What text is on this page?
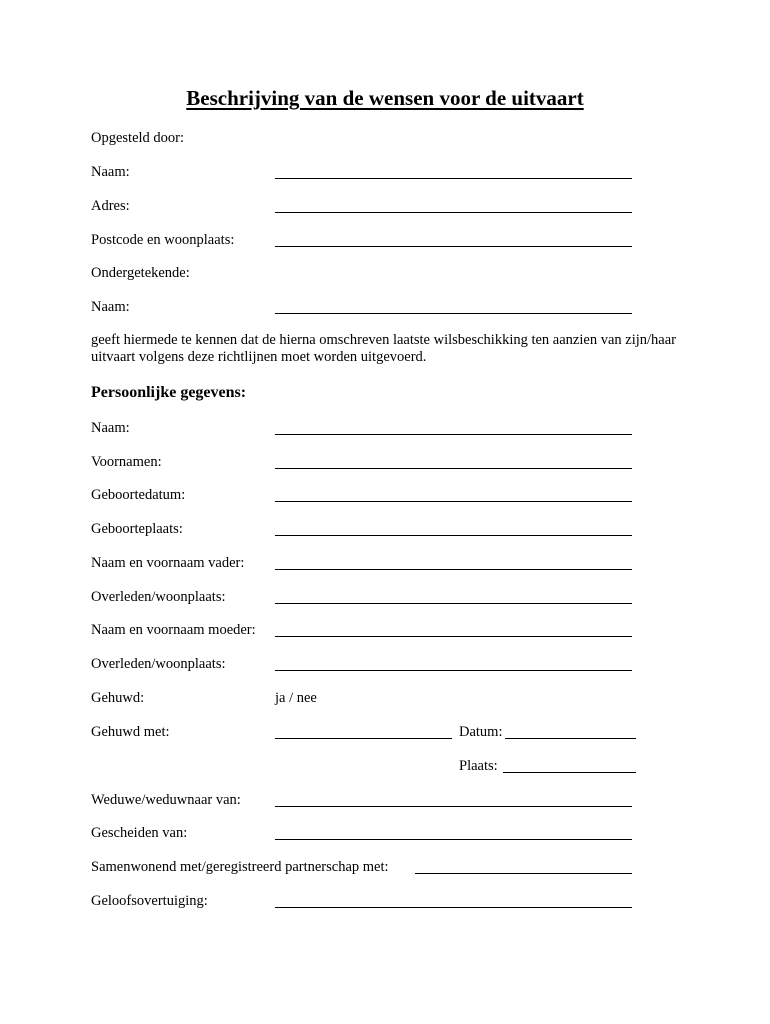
Beschrijving van de wensen voor de uitvaart
Opgesteld door:
Naam:
Adres:
Postcode en woonplaats:
Ondergetekende:
Naam:
geeft hiermede te kennen dat de hierna omschreven laatste wilsbeschikking ten aanzien van zijn/haar uitvaart volgens deze richtlijnen moet worden uitgevoerd.
Persoonlijke gegevens:
Naam:
Voornamen:
Geboortedatum:
Geboorteplaats:
Naam en voornaam vader:
Overleden/woonplaats:
Naam en voornaam moeder:
Overleden/woonplaats:
Gehuwd:	ja / nee
Gehuwd met:	Datum:
Plaats:
Weduwe/weduwnaar van:
Gescheiden van:
Samenwonend met/geregistreerd partnerschap met:
Geloofsovertuiging:
